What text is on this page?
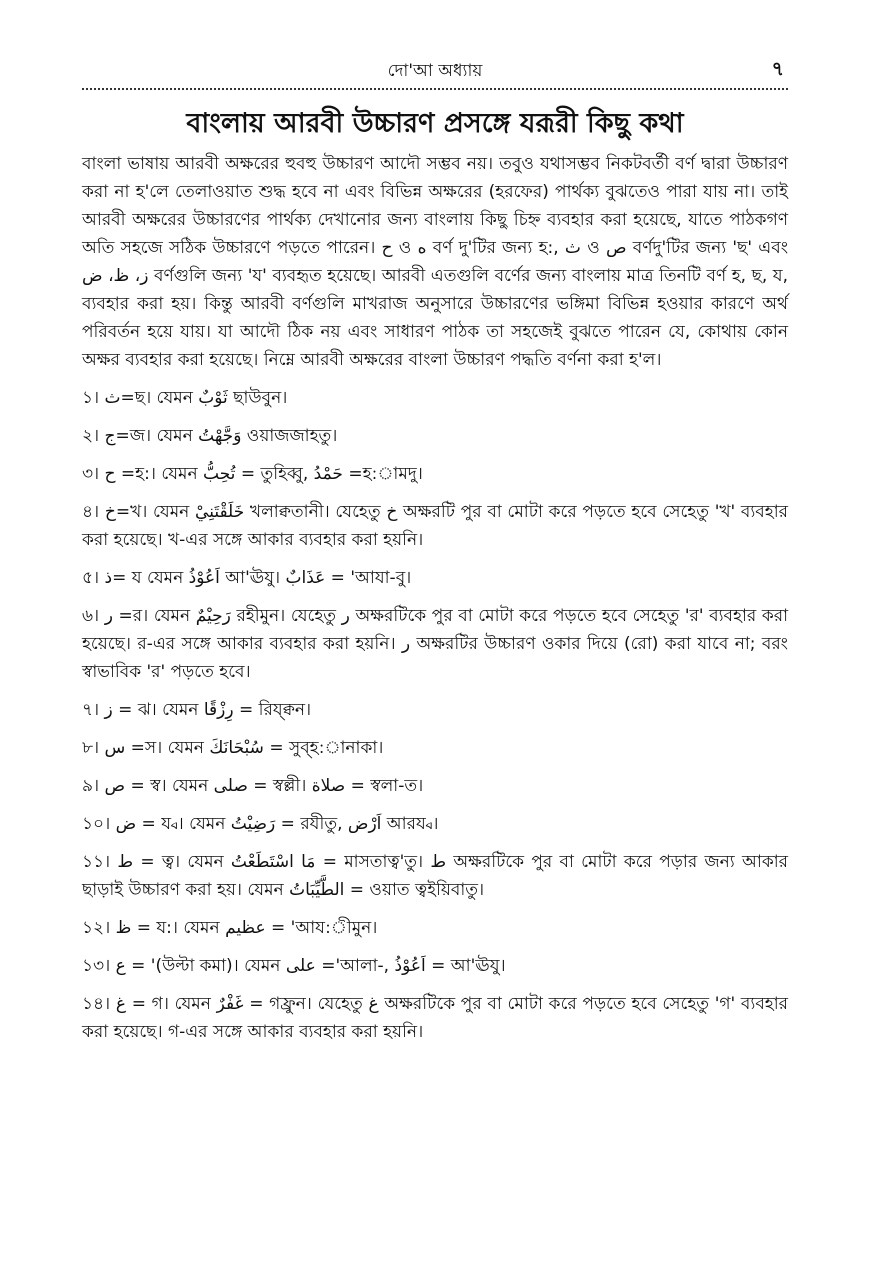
দো'আ অধ্যায়	৭
বাংলায় আরবী উচ্চারণ প্রসঙ্গে যরূরী কিছু কথা

বাংলা ভাষায় আরবী অক্ষরের হুবহু উচ্চারণ আদৌ সম্ভব নয়। তবুও যথাসম্ভব নিকটবর্তী বর্ণ দ্বারা উচ্চারণ করা না হ'লে তেলাওয়াত শুদ্ধ হবে না এবং বিভিন্ন অক্ষরের (হরফের) পার্থক্য বুঝতেও পারা যায় না। তাই আরবী অক্ষরের উচ্চারণের পার্থক্য দেখানোর জন্য বাংলায় কিছু চিহ্ন ব্যবহার করা হয়েছে, যাতে পাঠকগণ অতি সহজে সঠিক উচ্চারণে পড়তে পারেন। ح ও ه বর্ণ দু'টির জন্য হ:, ث ও ص বর্ণদু'টির জন্য 'ছ' এবং ز، ظ، ض বর্ণগুলি জন্য 'য' ব্যবহৃত হয়েছে। আরবী এতগুলি বর্ণের জন্য বাংলায় মাত্র তিনটি বর্ণ হ, ছ, য, ব্যবহার করা হয়। কিন্তু আরবী বর্ণগুলি মাখরাজ অনুসারে উচ্চারণের ভঙ্গিমা বিভিন্ন হওয়ার কারণে অর্থ পরিবর্তন হয়ে যায়। যা আদৌ ঠিক নয় এবং সাধারণ পাঠক তা সহজেই বুঝতে পারেন যে, কোথায় কোন অক্ষর ব্যবহার করা হয়েছে। নিম্নে আরবী অক্ষরের বাংলা উচ্চারণ পদ্ধতি বর্ণনা করা হ'ল।

১। ث=ছ। যেমন ثَوْبٌ ছাউবুন।

২। ج=জ। যেমন وَجَّهْتُ ওয়াজজাহতু।

৩। ح =হ:। যেমন تُحِبُّ = তুহিব্বু, حَمْدُ =হ:ামদু।

৪। خ=খ। যেমন خَلَقْتَنِيْ খলাক্বতানী। যেহেতু خ অক্ষরটি পুর বা মোটা করে পড়তে হবে সেহেতু 'খ' ব্যবহার করা হয়েছে। খ-এর সঙ্গে আকার ব্যবহার করা হয়নি।

৫। ذ= য যেমন اَعُوْذُ আ'ঊযু। عَذَابٌ = 'আযা-বু।

৬। ر =র। যেমন رَحِيْمٌ রহীমুন। যেহেতু ر অক্ষরটিকে পুর বা মোটা করে পড়তে হবে সেহেতু 'র' ব্যবহার করা হয়েছে। র-এর সঙ্গে আকার ব্যবহার করা হয়নি। ر অক্ষরটির উচ্চারণ ওকার দিয়ে (রো) করা যাবে না; বরং স্বাভাবিক 'র' পড়তে হবে।

৭। ز = ঝ। যেমন رِزْقًا = রিয্ক্বন।

৮। س =স। যেমন سُبْحَانَكَ = সুব্হ:ানাকা।

৯। ص = স্ব। যেমন صلى = স্বল্লী। صلاة = স্বলা-ত।

১০। ض = য্ব। যেমন رَضِيْتُ = রযীতু, اَرْض আরয্ব।

১১। ط = ত্ব। যেমন مَا اسْتَطَعْتُ = মাসতাত্ব'তু। ط অক্ষরটিকে পুর বা মোটা করে পড়ার জন্য আকার ছাড়াই উচ্চারণ করা হয়। যেমন الطَّيِّبَاتُ = ওয়াত ত্বইয়িবাতু।

১২। ظ = য:। যেমন عظيم = 'আয:ীমুন।

১৩। ع = '(উল্টা কমা)। যেমন على ='আলা-, اَعُوْذُ = আ'ঊযু।

১৪। غ = গ। যেমন غَفْرٌ = গফ্রুন। যেহেতু غ অক্ষরটিকে পুর বা মোটা করে পড়তে হবে সেহেতু 'গ' ব্যবহার করা হয়েছে। গ-এর সঙ্গে আকার ব্যবহার করা হয়নি।
